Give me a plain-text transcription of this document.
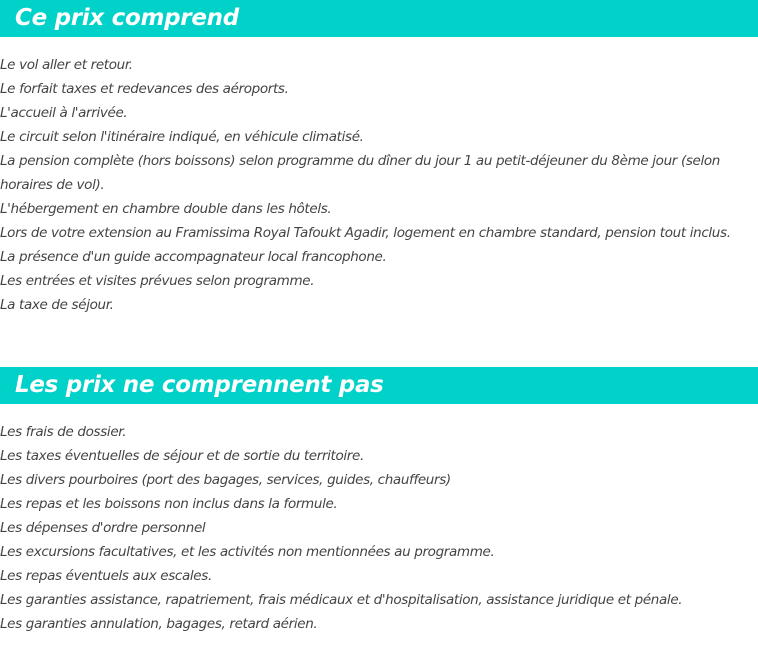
Ce prix comprend
Le vol aller et retour.
Le forfait taxes et redevances des aéroports.
L'accueil à l'arrivée.
Le circuit selon l'itinéraire indiqué, en véhicule climatisé.
La pension complète (hors boissons) selon programme du dîner du jour 1 au petit-déjeuner du 8ème jour (selon horaires de vol).
L'hébergement en chambre double dans les hôtels.
Lors de votre extension au Framissima Royal Tafoukt Agadir, logement en chambre standard, pension tout inclus.
La présence d'un guide accompagnateur local francophone.
Les entrées et visites prévues selon programme.
La taxe de séjour.
Les prix ne comprennent pas
Les frais de dossier.
Les taxes éventuelles de séjour et de sortie du territoire.
Les divers pourboires (port des bagages, services, guides, chauffeurs)
Les repas et les boissons non inclus dans la formule.
Les dépenses d'ordre personnel
Les excursions facultatives, et les activités non mentionnées au programme.
Les repas éventuels aux escales.
Les garanties assistance, rapatriement, frais médicaux et d'hospitalisation, assistance juridique et pénale.
Les garanties annulation, bagages, retard aérien.
